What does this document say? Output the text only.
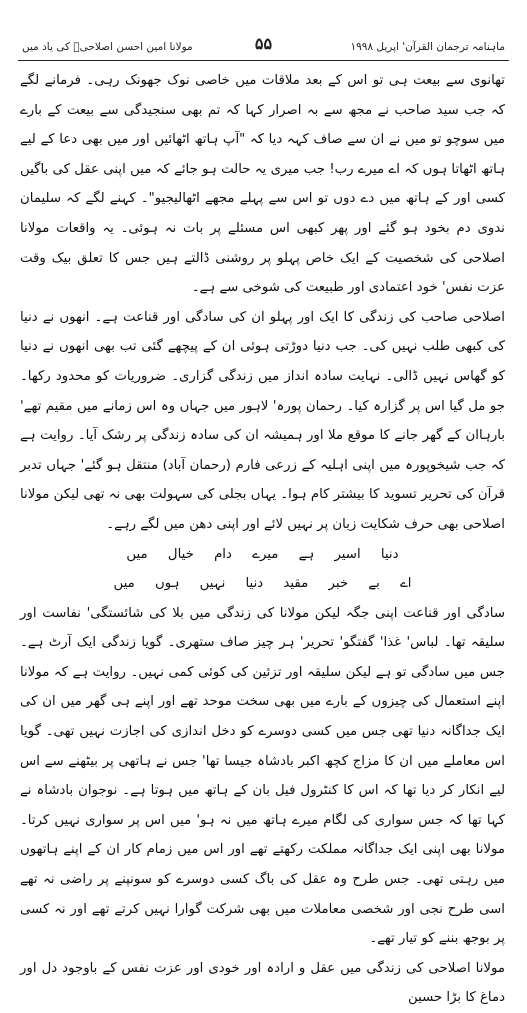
ماہنامہ ترجمان القرآن' اپریل ۱۹۹۸
۵۵
مولانا امین احسن اصلاحیؒ کی یاد میں

تھانوی سے بیعت ہی تو اس کے بعد ملاقات میں خاصی نوک جھونک رہی۔ فرمانے لگے کہ جب سید صاحب نے مجھ سے بہ اصرار کہا کہ تم بھی سنجیدگی سے بیعت کے بارے میں سوچو تو میں نے ان سے صاف کہہ دیا کہ "آپ ہاتھ اٹھائیں اور میں بھی دعا کے لیے ہاتھ اٹھاتا ہوں کہ اے میرے رب! جب میری یہ حالت ہو جائے کہ میں اپنی عقل کی باگیں کسی اور کے ہاتھ میں دے دوں تو اس سے پہلے مجھے اٹھالیجیو"۔ کہنے لگے کہ سلیمان ندوی دم بخود ہو گئے اور پھر کبھی اس مسئلے پر بات نہ ہوئی۔ یہ واقعات مولانا اصلاحی کی شخصیت کے ایک خاص پہلو پر روشنی ڈالتے ہیں جس کا تعلق بیک وقت عزت نفس' خود اعتمادی اور طبیعت کی شوخی سے ہے۔

اصلاحی صاحب کی زندگی کا ایک اور پہلو ان کی سادگی اور قناعت ہے۔ انھوں نے دنیا کی کبھی طلب نہیں کی۔ جب دنیا دوڑتی ہوئی ان کے پیچھے گئی تب بھی انھوں نے دنیا کو گھاس نہیں ڈالی۔ نہایت سادہ انداز میں زندگی گزاری۔ ضروریات کو محدود رکھا۔ جو مل گیا اس پر گزارہ کیا۔ رحمان پورہ' لاہور میں جہاں وہ اس زمانے میں مقیم تھے' بارہاان کے گھر جانے کا موقع ملا اور ہمیشہ ان کی سادہ زندگی پر رشک آیا۔ روایت ہے کہ جب شیخوپورہ میں اپنی اہلیہ کے زرعی فارم (رحمان آباد) منتقل ہو گئے' جہاں تدبر قرآن کی تحریر تسوید کا بیشتر کام ہوا۔ یہاں بجلی کی سہولت بھی نہ تھی لیکن مولانا اصلاحی بھی حرف شکایت زبان پر نہیں لائے اور اپنی دھن میں لگے رہے۔

دنیا اسیر ہے میرے دام خیال میں

اے بے خبر مقید دنیا نہیں ہوں میں

سادگی اور قناعت اپنی جگہ لیکن مولانا کی زندگی میں بلا کی شائستگی' نفاست اور سلیقہ تھا۔ لباس' غذا' گفتگو' تحریر' ہر چیز صاف ستھری۔ گویا زندگی ایک آرٹ ہے۔ جس میں سادگی تو ہے لیکن سلیقہ اور تزئین کی کوئی کمی نہیں۔ روایت ہے کہ مولانا اپنے استعمال کی چیزوں کے بارے میں بھی سخت موحد تھے اور اپنے ہی گھر میں ان کی ایک جداگانہ دنیا تھی جس میں کسی دوسرے کو دخل اندازی کی اجازت نہیں تھی۔ گویا اس معاملے میں ان کا مزاج کچھ اکبر بادشاہ جیسا تھا' جس نے ہاتھی پر بیٹھنے سے اس لیے انکار کر دیا تھا کہ اس کا کنٹرول فیل بان کے ہاتھ میں ہوتا ہے۔ نوجوان بادشاہ نے کہا تھا کہ جس سواری کی لگام میرے ہاتھ میں نہ ہو' میں اس پر سواری نہیں کرتا۔ مولانا بھی اپنی ایک جداگانہ مملکت رکھتے تھے اور اس میں زمام کار ان کے اپنے ہاتھوں میں رہتی تھی۔ جس طرح وہ عقل کی باگ کسی دوسرے کو سونپنے پر راضی نہ تھے اسی طرح نجی اور شخصی معاملات میں بھی شرکت گوارا نہیں کرتے تھے اور نہ کسی پر بوجھ بننے کو تیار تھے۔

مولانا اصلاحی کی زندگی میں عقل و ارادہ اور خودی اور عزت نفس کے باوجود دل اور دماغ کا بڑا حسین
